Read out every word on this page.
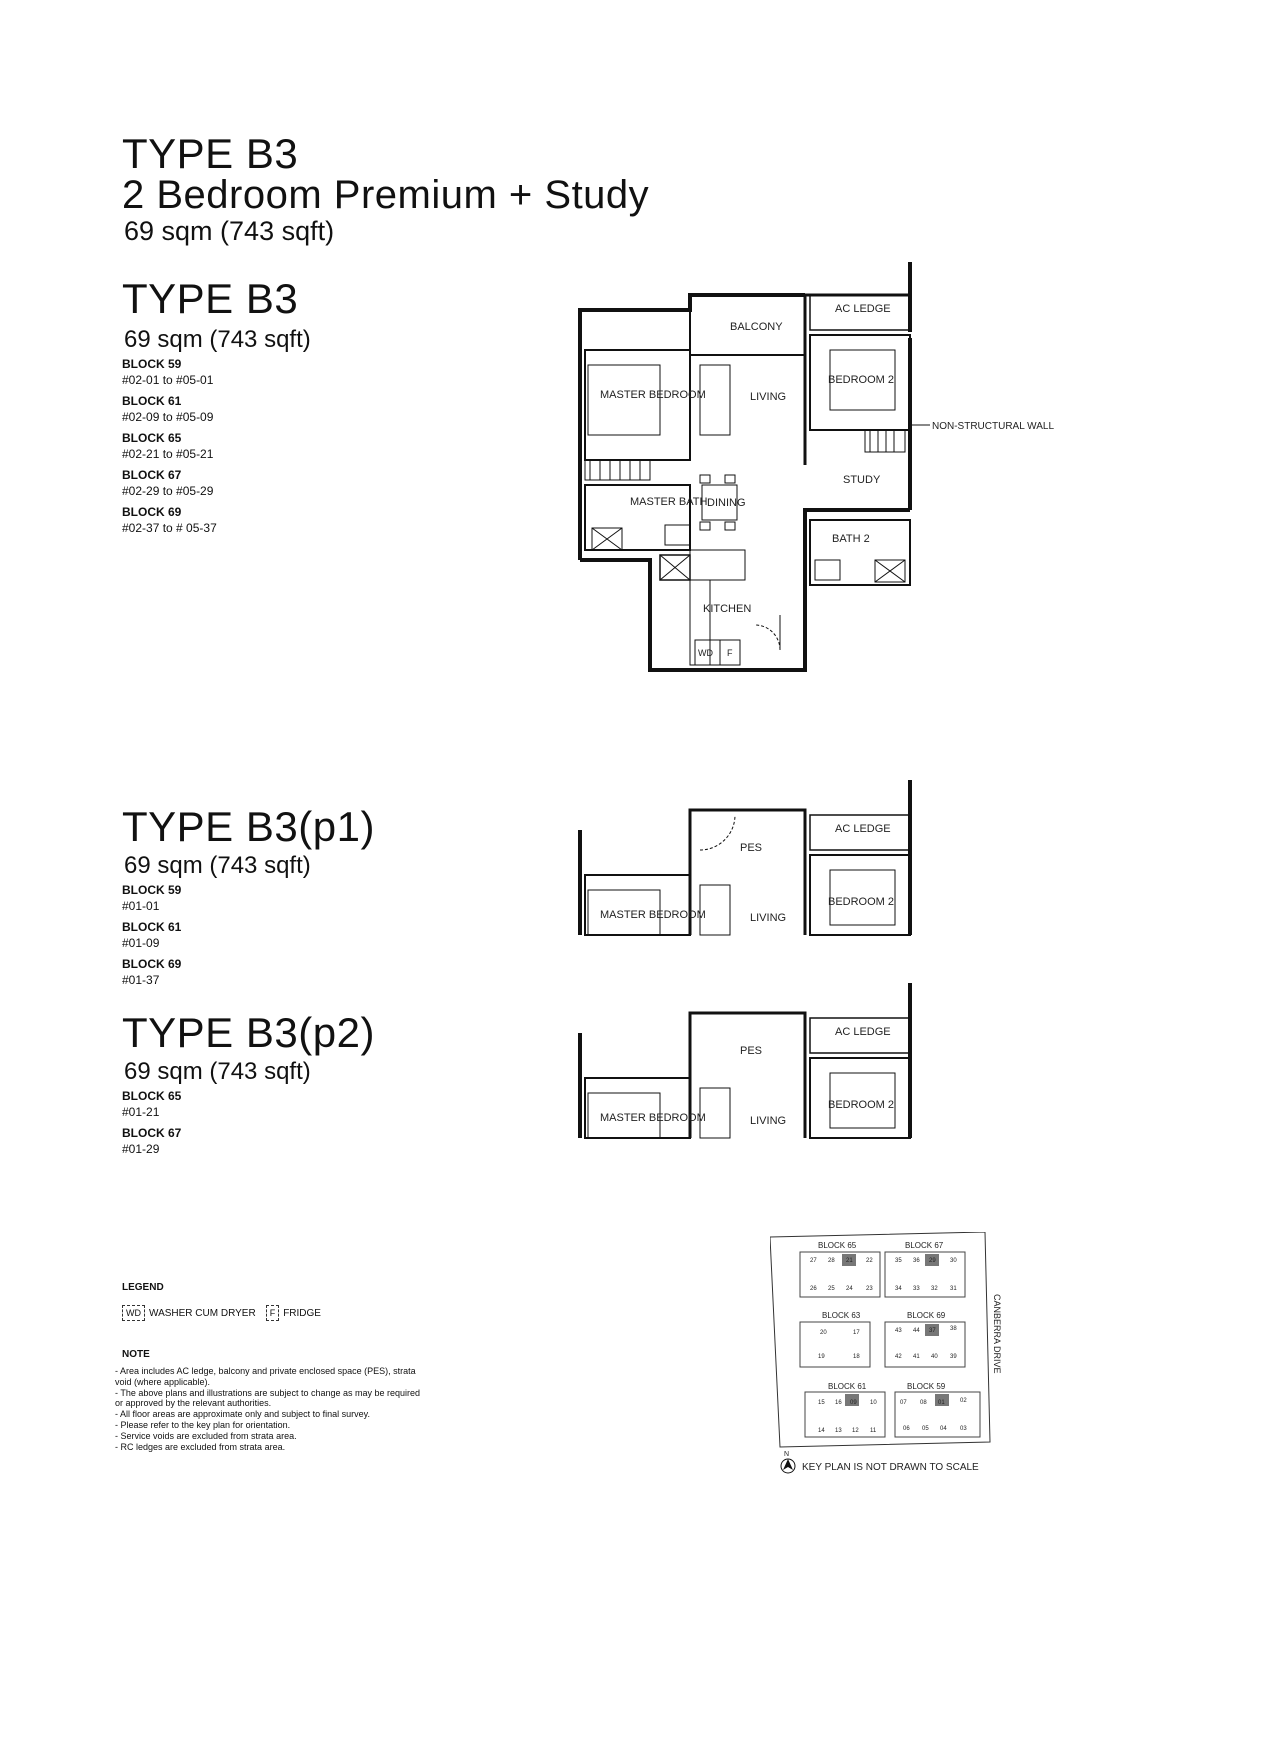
TYPE B3
2 Bedroom Premium + Study
69 sqm (743 sqft)
TYPE B3
69 sqm (743 sqft)
BLOCK 59
#02-01 to #05-01
BLOCK 61
#02-09 to #05-09
BLOCK 65
#02-21 to #05-21
BLOCK 67
#02-29 to #05-29
BLOCK 69
#02-37 to # 05-37
TYPE B3(p1)
69 sqm (743 sqft)
BLOCK 59
#01-01
BLOCK 61
#01-09
BLOCK 69
#01-37
TYPE B3(p2)
69 sqm (743 sqft)
BLOCK 65
#01-21
BLOCK 67
#01-29
BALCONY
AC LEDGE
MASTER BEDROOM	LIVING
BEDROOM 2
NON-STRUCTURAL WALL
STUDY
MASTER BATH DINING
BATH 2
KITCHEN
WD F
PES
AC LEDGE
MASTER BEDROOM	LIVING
BEDROOM 2
PES
AC LEDGE
MASTER BEDROOM	LIVING
BEDROOM 2
LEGEND
WD WASHER CUM DRYER	F FRIDGE
NOTE
- Area includes AC ledge, balcony and private enclosed space (PES), strata void (where applicable).
- The above plans and illustrations are subject to change as may be required or approved by the relevant authorities.
- All floor areas are approximate only and subject to final survey.
- Please refer to the key plan for orientation.
- Service voids are excluded from strata area.
- RC ledges are excluded from strata area.
BLOCK 65	BLOCK 67
BLOCK 63	BLOCK 69
BLOCK 61	BLOCK 59
27 28 21 22
26 25 24 23
35 36 29 30
34 33 32 31
20	17
19	18
43 44 37 38
42 41 40 39
15 16 09 10
14 13 12 11
07 08 01	02
06 05 04 03
CANBERRA DRIVE
N
KEY PLAN IS NOT DRAWN TO SCALE
